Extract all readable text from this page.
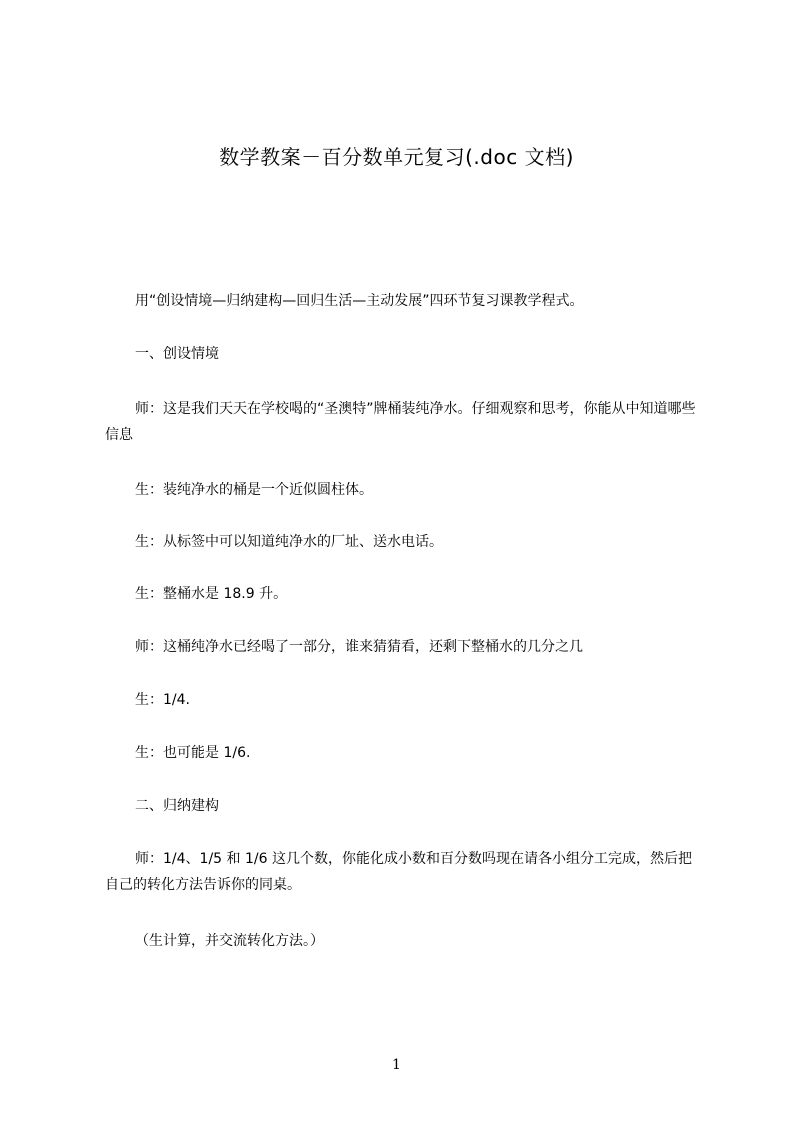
数学教案－百分数单元复习(.doc 文档)
用“创设情境—归纳建构—回归生活—主动发展”四环节复习课教学程式。
一、创设情境
师：这是我们天天在学校喝的“圣澳特”牌桶装纯净水。仔细观察和思考，你能从中知道哪些信息
生：装纯净水的桶是一个近似圆柱体。
生：从标签中可以知道纯净水的厂址、送水电话。
生：整桶水是 18.9 升。
师：这桶纯净水已经喝了一部分，谁来猜猜看，还剩下整桶水的几分之几
生：1/4.
生：也可能是 1/6.
二、归纳建构
师：1/4、1/5 和 1/6 这几个数，你能化成小数和百分数吗现在请各小组分工完成，然后把自己的转化方法告诉你的同桌。
（生计算，并交流转化方法。）
1
